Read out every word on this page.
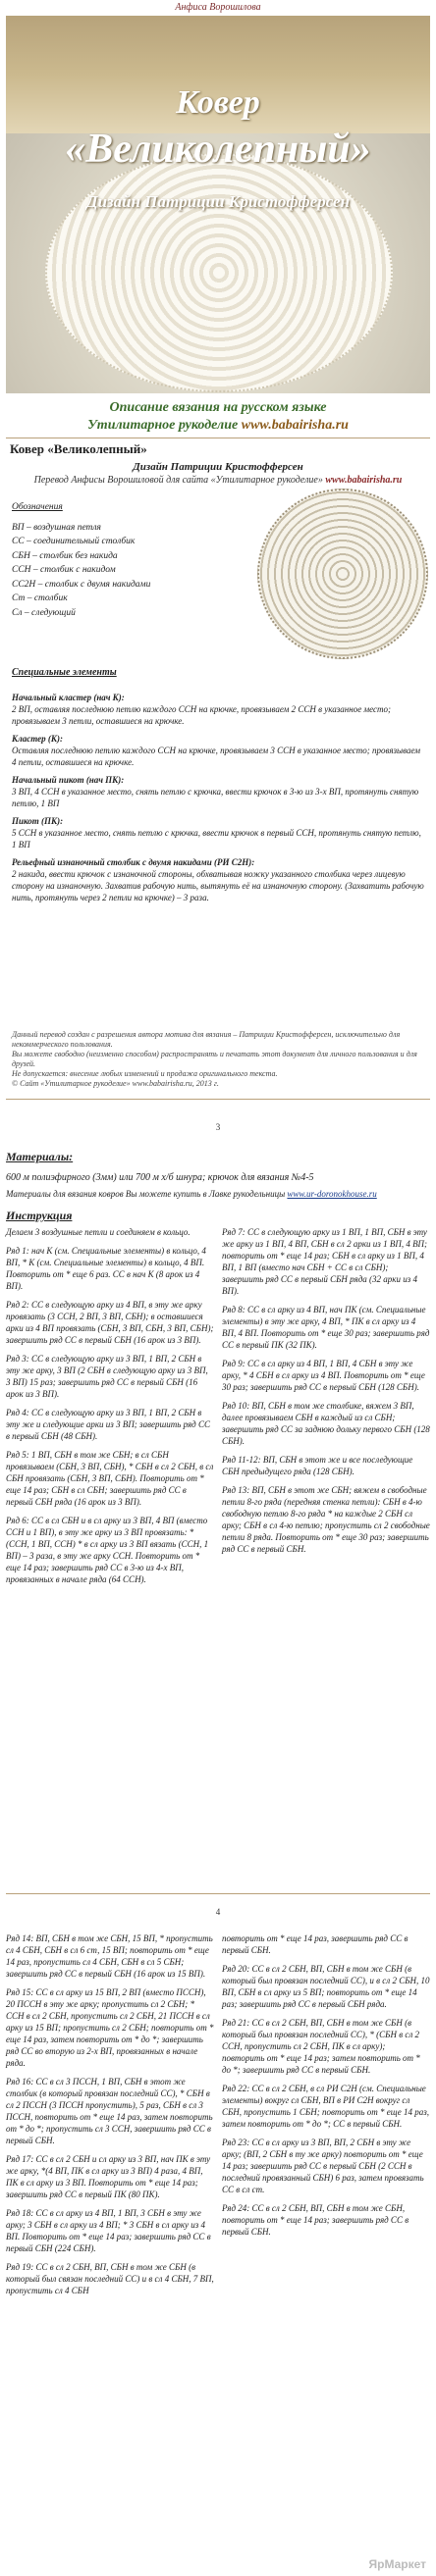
Анфиса Ворошилова
Ковер
«Великолепный»
Дизайн Патриции Кристофферсен
Описание вязания на русском языке
Утилитарное рукоделие www.babairisha.ru
Ковер «Великолепный»
Дизайн Патриции Кристофферсен
Перевод Анфисы Ворошиловой для сайта «Утилитарное рукоделие» www.babairisha.ru
Обозначения
ВП – воздушная петля
СС – соединительный столбик
СБН – столбик без накида
ССН – столбик с накидом
СС2Н – столбик с двумя накидами
Ст – столбик
Сл – следующий
Специальные элементы

Начальный кластер (нач К):
2 ВП, оставляя последнюю петлю каждого ССН на крючке, провязываем 2 ССН в указанное место; провязываем 3 петли, оставшиеся на крючке.

Кластер (К):
Оставляя последнюю петлю каждого ССН на крючке, провязываем 3 ССН в указанное место; провязываем 4 петли, оставшиеся на крючке.

Начальный пикот (нач ПК):
3 ВП, 4 ССН в указанное место, снять петлю с крючка, ввести крючок в 3-ю из 3-х ВП, протянуть снятую петлю, 1 ВП

Пикот (ПК):
5 ССН в указанное место, снять петлю с крючка, ввести крючок в первый ССН, протянуть снятую петлю, 1 ВП

Рельефный изнаночный столбик с двумя накидами (РИ С2Н):
2 накида, ввести крючок с изнаночной стороны, обхватывая ножку указанного столбика через лицевую сторону на изнаночную. Захватив рабочую нить, вытянуть её на изнаночную сторону. (Захватить рабочую нить, протянуть через 2 петли на крючке) – 3 раза.

Данный перевод создан с разрешения автора мотива для вязания – Патриции Кристофферсен, исключительно для некоммерческого пользования.
Вы можете свободно (неизменно способом) распространять и печатать этот документ для личного пользования и для друзей.
Не допускается: внесение любых изменений и продажа оригинального текста.
© Сайт «Утилитарное рукоделие» www.babairisha.ru, 2013 г.
3
Материалы:
600 м полиэфирного (3мм) или 700 м х/б шнура; крючок для вязания №4-5
Материалы для вязания ковров Вы можете купить в Лавке рукодельницы www.ur-doronokhouse.ru
Инструкция

Делаем 3 воздушные петли и соединяем в кольцо.

Ряд 1: нач К (см. Специальные элементы) в кольцо, 4 ВП, * К (см. Специальные элементы) в кольцо, 4 ВП. Повторить от * еще 6 раз. СС в нач К (8 арок из 4 ВП).

Ряд 2: СС в следующую арку из 4 ВП, в эту же арку провязать (3 ССН, 2 ВП, 3 ВП, СБН); в оставшиеся арки из 4 ВП провязать (СБН, 3 ВП, СБН, 3 ВП, СБН); завершить ряд СС в первый СБН (16 арок из 3 ВП).

Ряд 3: СС в следующую арку из 3 ВП, 1 ВП, 2 СБН в эту же арку, 3 ВП (2 СБН в следующую арку из 3 ВП, 3 ВП) 15 раз; завершить ряд СС в первый СБН (16 арок из 3 ВП).

Ряд 4: СС в следующую арку из 3 ВП, 1 ВП, 2 СБН в эту же и следующие арки из 3 ВП; завершить ряд СС в первый СБН (48 СБН).

Ряд 5: 1 ВП, СБН в том же СБН; в сл СБН провязываем (СБН, 3 ВП, СБН), * СБН в сл 2 СБН, в сл СБН провязать (СБН, 3 ВП, СБН). Повторить от * еще 14 раз; СБН в сл СБН; завершить ряд СС в первый СБН ряда (16 арок из 3 ВП).

Ряд 6: СС в сл СБН и в сл арку из 3 ВП, 4 ВП (вместо ССН и 1 ВП), в эту же арку из 3 ВП провязать: * (ССН, 1 ВП, ССН) * в сл арку из 3 ВП вязать (ССН, 1 ВП) – 3 раза, в эту же арку ССН. Повторить от * еще 14 раз; завершить ряд СС в 3-ю из 4-х ВП, провязанных в начале ряда (64 ССН).

Ряд 7: СС в следующую арку из 1 ВП, 1 ВП, СБН в эту же арку из 1 ВП, 4 ВП, СБН в сл 2 арки из 1 ВП, 4 ВП; повторить от * еще 14 раз; СБН в сл арку из 1 ВП, 4 ВП, 1 ВП (вместо нач СБН + СС в сл СБН); завершить ряд СС в первый СБН ряда (32 арки из 4 ВП).

Ряд 8: СС в сл арку из 4 ВП, нач ПК (см. Специальные элементы) в эту же арку, 4 ВП, * ПК в сл арку из 4 ВП, 4 ВП. Повторить от * еще 30 раз; завершить ряд СС в первый ПК (32 ПК).

Ряд 9: СС в сл арку из 4 ВП, 1 ВП, 4 СБН в эту же арку, * 4 СБН в сл арку из 4 ВП. Повторить от * еще 30 раз; завершить ряд СС в первый СБН (128 СБН).

Ряд 10: ВП, СБН в том же столбике, вяжем 3 ВП, далее провязываем СБН в каждый из сл СБН; завершить ряд СС за заднюю дольку первого СБН (128 СБН).

Ряд 11-12: ВП, СБН в этот же и все последующие СБН предыдущего ряда (128 СБН).

Ряд 13: ВП, СБН в этот же СБН; вяжем в свободные петли 8-го ряда (передняя стенка петли): СБН в 4-ю свободную петлю 8-го ряда * на каждые 2 СБН сл арку; СБН в сл 4-ю петлю; пропустить сл 2 свободные петли 8 ряда. Повторить от * еще 30 раз; завершить ряд СС в первый СБН.

4

Ряд 14: ВП, СБН в том же СБН, 15 ВП, * пропустить сл 4 СБН, СБН в сл 6 ст, 15 ВП; повторить от * еще 14 раз, пропустить сл 4 СБН, СБН в сл 5 СБН; завершить ряд СС в первый СБН (16 арок из 15 ВП).

Ряд 15: СС в сл арку из 15 ВП, 2 ВП (вместо ПССН), 20 ПССН в эту же арку; пропустить сл 2 СБН; * ССН в сл 2 СБН, пропустить сл 2 СБН, 21 ПССН в сл арку из 15 ВП; пропустить сл 2 СБН; повторить от * еще 14 раз, затем повторить от * до *; завершить ряд СС во вторую из 2-х ВП, провязанных в начале ряда.

Ряд 16: СС в сл 3 ПССН, 1 ВП, СБН в этот же столбик (в который провязан последний СС), * СБН в сл 2 ПССН (3 ПССН пропустить), 5 раз, СБН в сл 3 ПССН, повторить от * еще 14 раз, затем повторить от * до *; пропустить сл 3 ССН, завершить ряд СС в первый СБН.

Ряд 17: СС в сл 2 СБН и сл арку из 3 ВП, нач ПК в эту же арку, *(4 ВП, ПК в сл арку из 3 ВП) 4 раза, 4 ВП, ПК в сл арку из 3 ВП. Повторить от * еще 14 раз; завершить ряд СС в первый ПК (80 ПК).

Ряд 18: СС в сл арку из 4 ВП, 1 ВП, 3 СБН в эту же арку; 3 СБН в сл арку из 4 ВП; * 3 СБН в сл арку из 4 ВП. Повторить от * еще 14 раз; завершить ряд СС в первый СБН (224 СБН).

Ряд 19: СС в сл 2 СБН, ВП, СБН в том же СБН (в который был связан последний СС) и в сл 4 СБН, 7 ВП, пропустить сл 4 СБН

повторить от * еще 14 раз, завершить ряд СС в первый СБН.

Ряд 20: СС в сл 2 СБН, ВП, СБН в том же СБН (в который был провязан последний СС), и в сл 2 СБН, 10 ВП, СБН в сл арку из 5 ВП; повторить от * еще 14 раз; завершить ряд СС в первый СБН ряда.

Ряд 21: СС в сл 2 СБН, ВП, СБН в том же СБН (в который был провязан последний СС), * (СБН в сл 2 ССН, пропустить сл 2 СБН, ПК в сл арку); повторить от * еще 14 раз; затем повторить от * до *; завершить ряд СС в первый СБН.

Ряд 22: СС в сл 2 СБН, в сл РИ С2Н (см. Специальные элементы) вокруг сл СБН, ВП в РИ С2Н вокруг сл СБН, пропустить 1 СБН; повторить от * еще 14 раз, затем повторить от * до *; СС в первый СБН.

Ряд 23: СС в сл арку из 3 ВП, ВП, 2 СБН в эту же арку; (ВП, 2 СБН в ту же арку) повторить от * еще 14 раз; завершить ряд СС в первый СБН (2 ССН в последний провязанный СБН) 6 раз, затем провязать СС в сл ст.

Ряд 24: СС в сл 2 СБН, ВП, СБН в том же СБН, повторить от * еще 14 раз; завершить ряд СС в первый СБН.

ЯрМаркет
